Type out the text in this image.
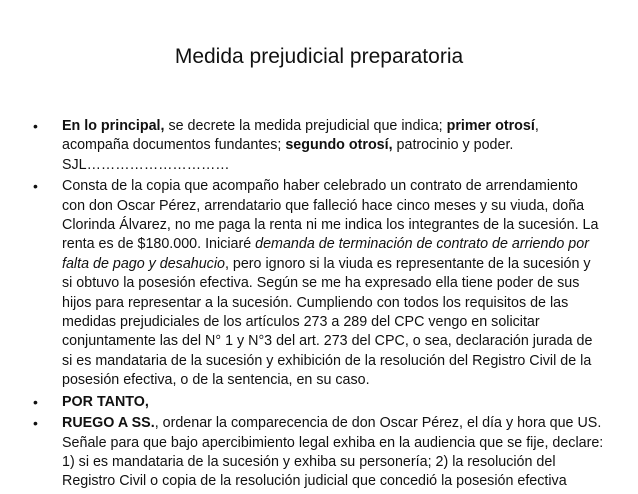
Medida prejudicial preparatoria
• En lo principal, se decrete la medida prejudicial que indica; primer otrosí, acompaña documentos fundantes; segundo otrosí, patrocinio y poder. SJL…………………………
• Consta de la copia que acompaño haber celebrado un contrato de arrendamiento con don Oscar Pérez, arrendatario que falleció hace cinco meses y su viuda, doña Clorinda Álvarez, no me paga la renta ni me indica los integrantes de la sucesión. La renta es de $180.000. Iniciaré demanda de terminación de contrato de arriendo por falta de pago y desahucio, pero ignoro si la viuda es representante de la sucesión y si obtuvo la posesión efectiva. Según se me ha expresado ella tiene poder de sus hijos para representar a la sucesión. Cumpliendo con todos los requisitos de las medidas prejudiciales de los artículos 273 a 289 del CPC vengo en solicitar conjuntamente las del N° 1 y N°3 del art. 273 del CPC, o sea, declaración jurada de si es mandataria de la sucesión y exhibición de la resolución del Registro Civil de la posesión efectiva, o de la sentencia, en su caso.
• POR TANTO,
• RUEGO A SS., ordenar la comparecencia de don Oscar Pérez, el día y hora que US. Señale para que bajo apercibimiento legal exhiba en la audiencia que se fije, declare: 1) si es mandataria de la sucesión y exhiba su personería; 2) la resolución del Registro Civil o copia de la resolución judicial que concedió la posesión efectiva
